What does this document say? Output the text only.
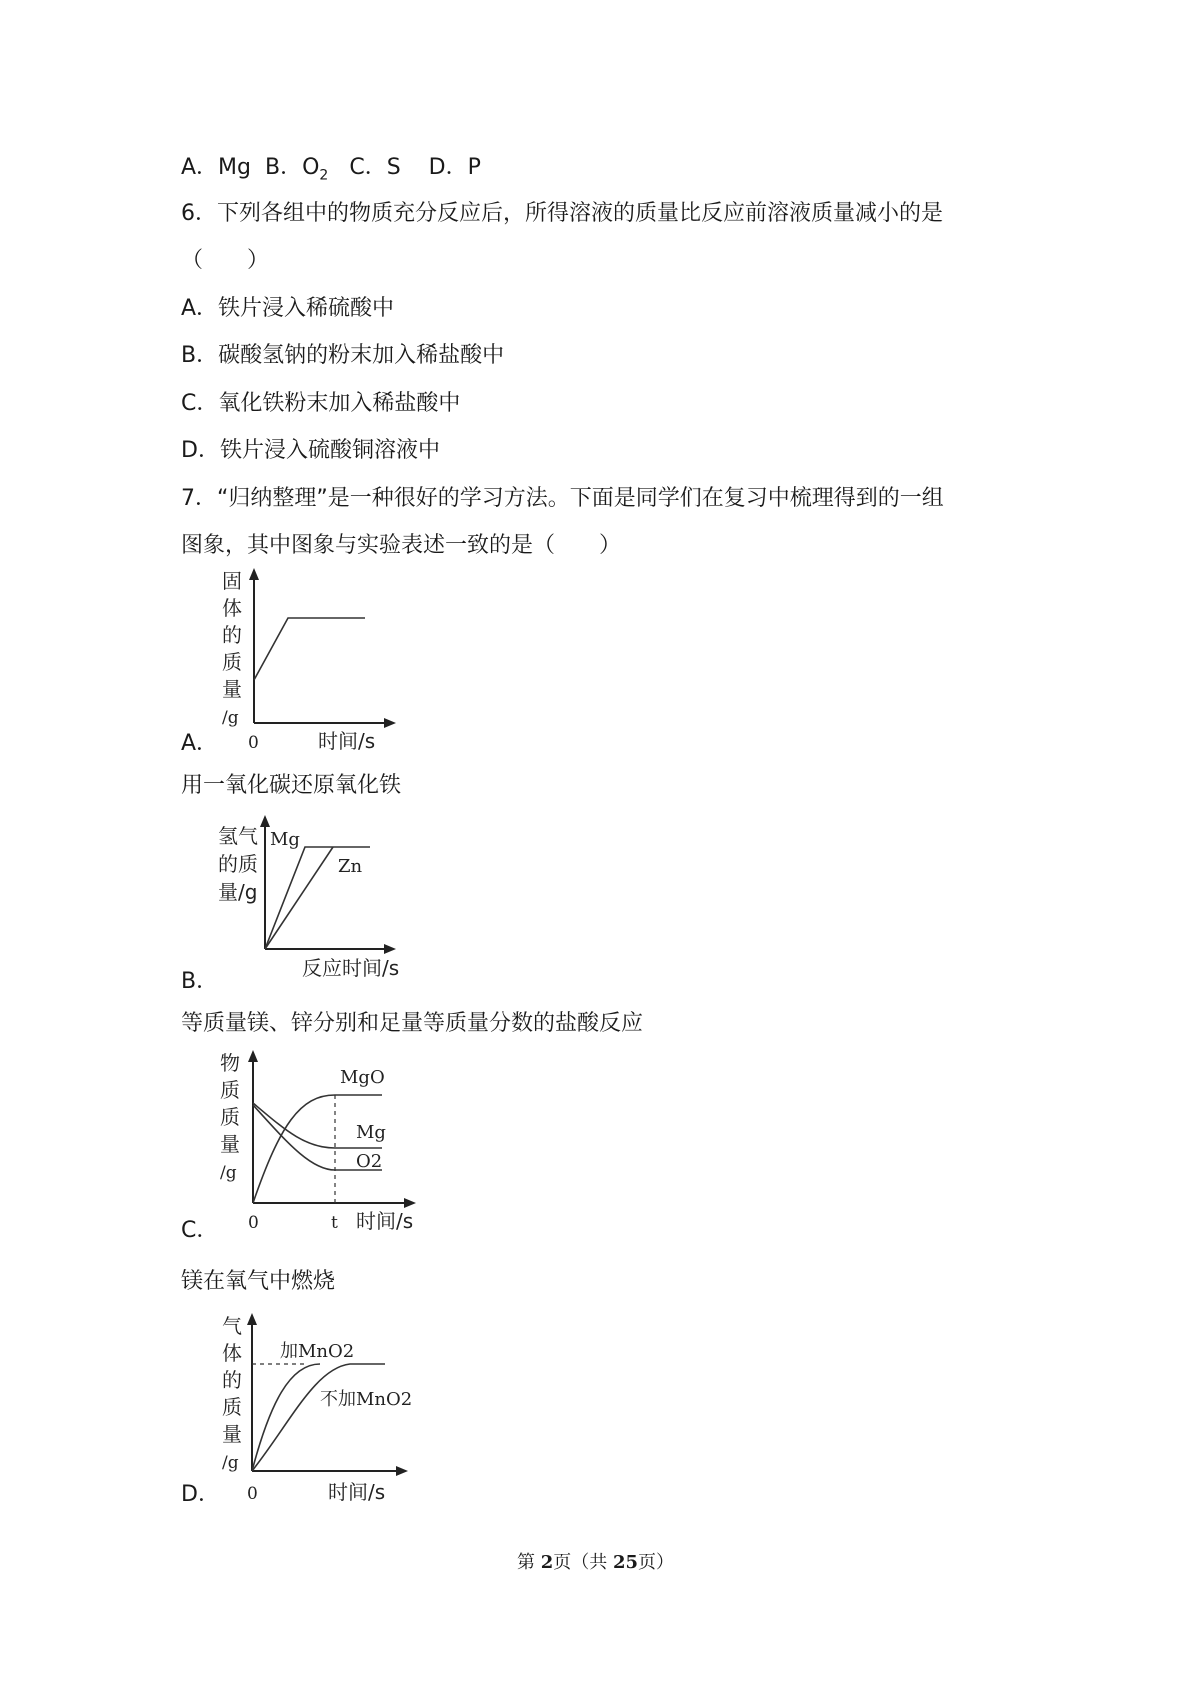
A．Mg B．$O_2$ C．S D．P
6．下列各组中的物质充分反应后，所得溶液的质量比反应前溶液质量减小的是
（　　）
A．铁片浸入稀硫酸中
B．碳酸氢钠的粉末加入稀盐酸中
C．氧化铁粉末加入稀盐酸中
D．铁片浸入硫酸铜溶液中
7．“归纳整理”是一种很好的学习方法。下面是同学们在复习中梳理得到的一组
图象，其中图象与实验表述一致的是（　　）
A．
固
体
的
质
量
/g
0	时间/s
用一氧化碳还原氧化铁
B．
氢气
的质
量/g
Mg
Zn
反应时间/s
等质量镁、锌分别和足量等质量分数的盐酸反应
C．
物
质
质
量
/g
MgO
Mg
O2
0	t 时间/s
镁在氧气中燃烧
D．
气
体
的
质
量
/g
加MnO2
不加MnO2
0	时间/s
第 2页（共 25页）
